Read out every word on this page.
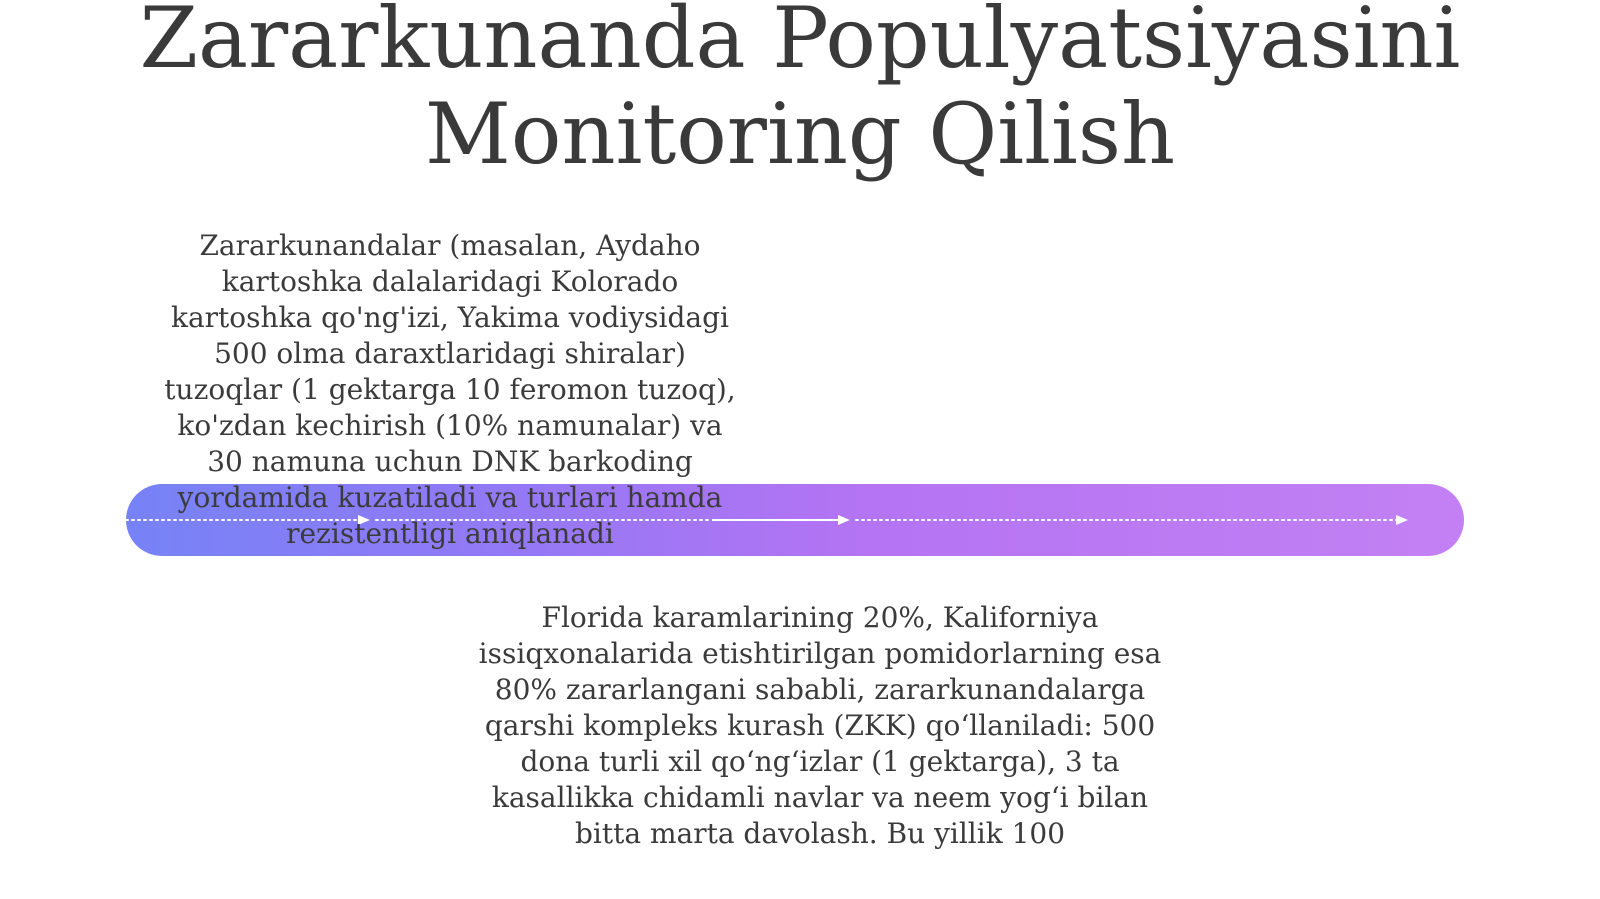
Zararkunanda Populyatsiyasini Monitoring Qilish

Zararkunandalar (masalan, Aydaho kartoshka dalalaridagi Kolorado kartoshka qo'ng'izi, Yakima vodiysidagi 500 olma daraxtlaridagi shiralar) tuzoqlar (1 gektarga 10 feromon tuzoq), ko'zdan kechirish (10% namunalar) va 30 namuna uchun DNK barkoding yordamida kuzatiladi va turlari hamda rezistentligi aniqlanadi

Florida karamlarining 20%, Kaliforniya issiqxonalarida etishtirilgan pomidorlarning esa 80% zararlangani sababli, zararkunandalarga qarshi kompleks kurash (ZKK) qo‘llaniladi: 500 dona turli xil qo‘ng‘izlar (1 gektarga), 3 ta kasallikka chidamli navlar va neem yog‘i bilan bitta marta davolash. Bu yillik 100
